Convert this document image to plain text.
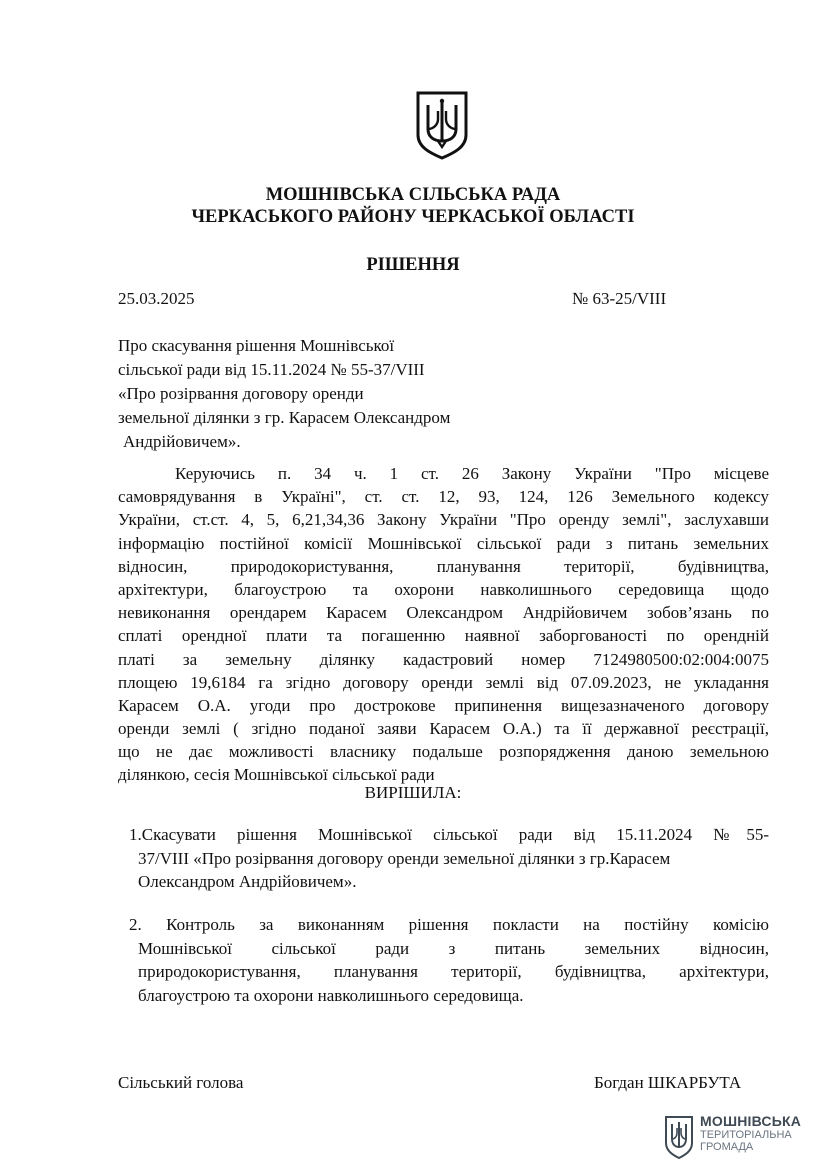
МОШНІВСЬКА СІЛЬСЬКА РАДА
ЧЕРКАСЬКОГО РАЙОНУ ЧЕРКАСЬКОЇ ОБЛАСТІ
РІШЕННЯ
25.03.2025	№ 63-25/VIII
Про скасування рішення Мошнівської
сільської ради від 15.11.2024 № 55-37/VIII
«Про розірвання договору оренди
земельної ділянки з гр. Карасем Олександром
Андрійовичем».
Керуючись п. 34 ч. 1 ст. 26 Закону України "Про місцеве
самоврядування в Україні", ст. ст. 12, 93, 124, 126 Земельного кодексу
України, ст.ст. 4, 5, 6,21,34,36 Закону України "Про оренду землі", заслухавши
інформацію постійної комісії Мошнівської сільської ради з питань земельних
відносин, природокористування, планування території, будівництва,
архітектури, благоустрою та охорони навколишнього середовища щодо
невиконання орендарем Карасем Олександром Андрійовичем зобов’язань по
сплаті орендної плати та погашенню наявної заборгованості по орендній
платі за земельну ділянку кадастровий номер 7124980500:02:004:0075
площею 19,6184 га згідно договору оренди землі від 07.09.2023, не укладання
Карасем О.А. угоди про дострокове припинення вищезазначеного договору
оренди землі ( згідно поданої заяви Карасем О.А.) та її державної реєстрації,
що не дає можливості власнику подальше розпорядження даною земельною
ділянкою, сесія Мошнівської сільської ради
ВИРІШИЛА:
1.Скасувати рішення Мошнівської сільської ради від 15.11.2024 №55-
37/VIII «Про розірвання договору оренди земельної ділянки з гр.Карасем
Олександром Андрійовичем».
2. Контроль за виконанням рішення покласти на постійну комісію
Мошнівської сільської ради з питань земельних відносин,
природокористування, планування території, будівництва, архітектури,
благоустрою та охорони навколишнього середовища.
Сільський голова	Богдан ШКАРБУТА
МОШНІВСЬКА
ТЕРИТОРІАЛЬНА
ГРОМАДА
